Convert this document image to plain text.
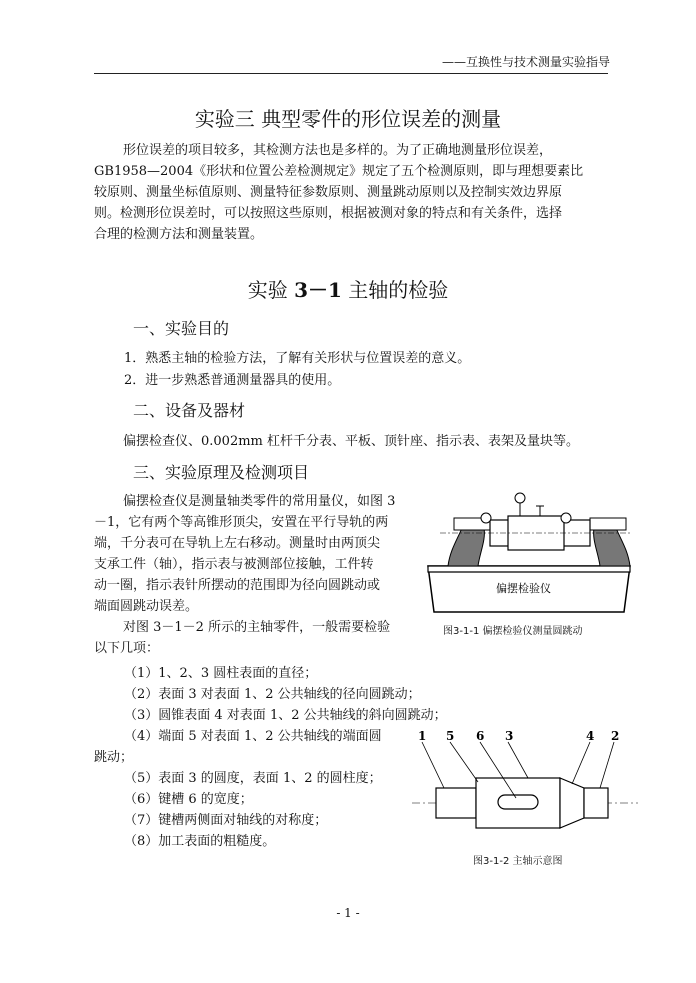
——互换性与技术测量实验指导
实验三 典型零件的形位误差的测量
形位误差的项目较多，其检测方法也是多样的。为了正确地测量形位误差，
GB1958—2004《形状和位置公差检测规定》规定了五个检测原则，即与理想要素比
较原则、测量坐标值原则、测量特征参数原则、测量跳动原则以及控制实效边界原
则。检测形位误差时，可以按照这些原则，根据被测对象的特点和有关条件，选择
合理的检测方法和测量装置。
实验 3－1 主轴的检验
一、实验目的
1．熟悉主轴的检验方法，了解有关形状与位置误差的意义。
2．进一步熟悉普通测量器具的使用。
二、设备及器材
偏摆检查仪、0.002mm 杠杆千分表、平板、顶针座、指示表、表架及量块等。
三、实验原理及检测项目
偏摆检查仪是测量轴类零件的常用量仪，如图 3
－1，它有两个等高锥形顶尖，安置在平行导轨的两
端，千分表可在导轨上左右移动。测量时由两顶尖
支承工件（轴），指示表与被测部位接触，工件转
动一圈，指示表针所摆动的范围即为径向圆跳动或
端面圆跳动误差。
对图 3－1－2 所示的主轴零件，一般需要检验
以下几项：
（1）1、2、3 圆柱表面的直径；
（2）表面 3 对表面 1、2 公共轴线的径向圆跳动；
（3）圆锥表面 4 对表面 1、2 公共轴线的斜向圆跳动；
（4）端面 5 对表面 1、2 公共轴线的端面圆
跳动；
（5）表面 3 的圆度，表面 1、2 的圆柱度；
（6）键槽 6 的宽度；
（7）键槽两侧面对轴线的对称度；
（8）加工表面的粗糙度。
偏摆检验仪
图3-1-1 偏摆检验仪测量圆跳动
1 5 6 3	4 2
图3-1-2 主轴示意图
- 1 -
